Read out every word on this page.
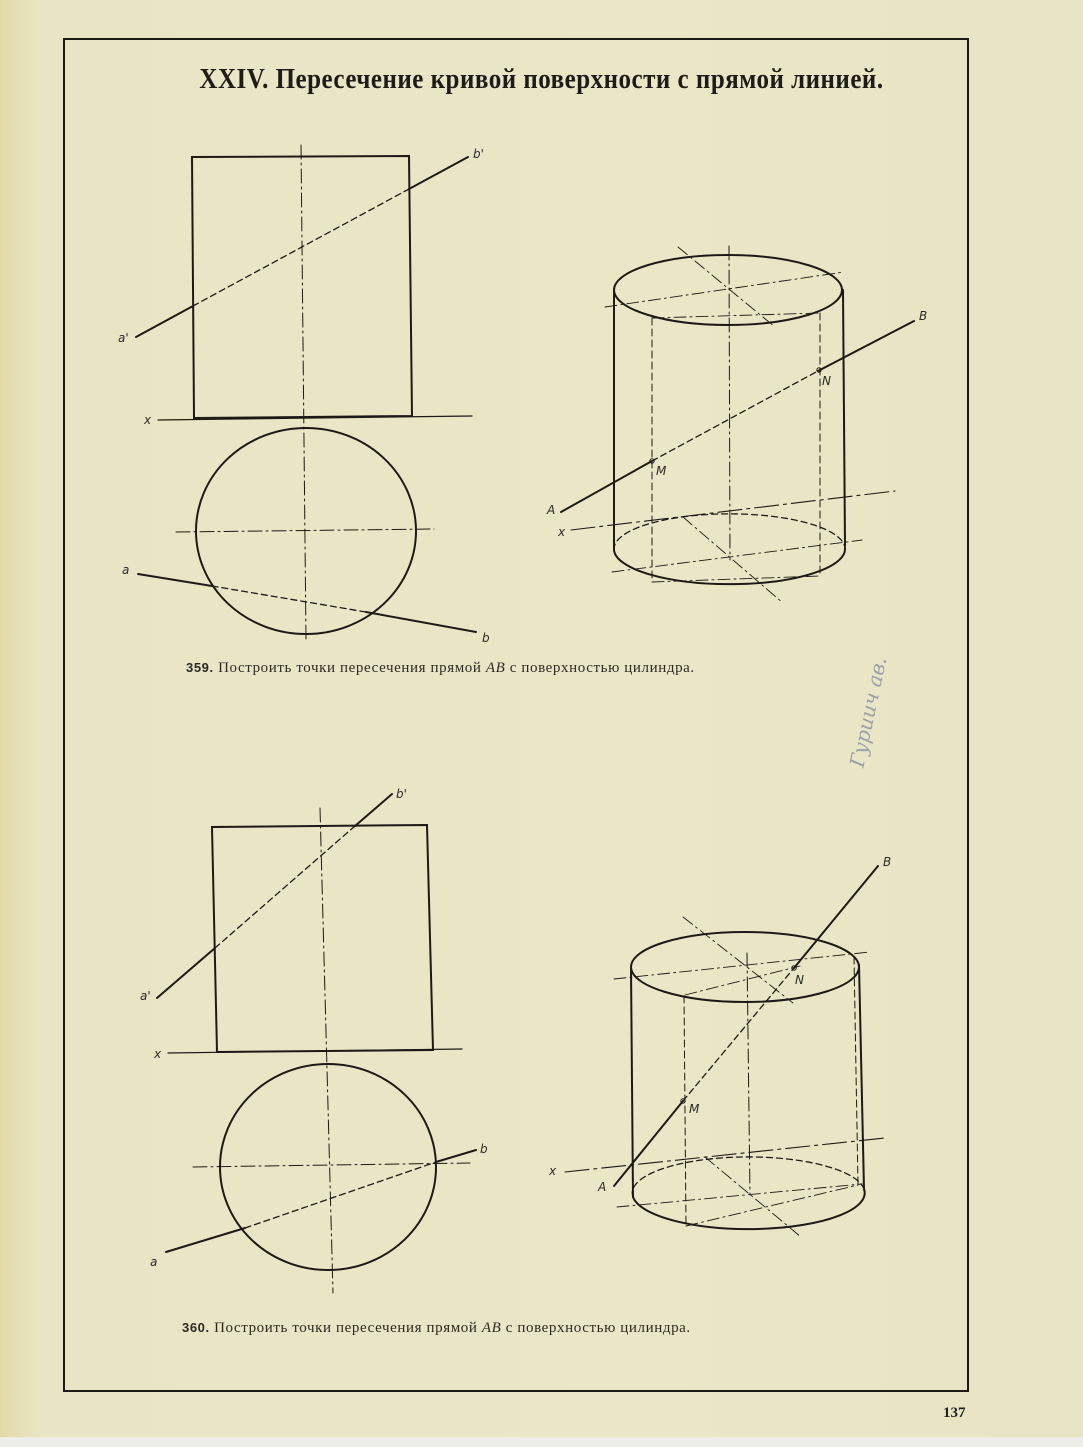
XXIV. Пересечение кривой поверхности с прямой линией.
a'
b'
x
a
b
B
N
M
A
x
a'
b'
x
a
b
B
N
M
A
x
359. Построить точки пересечения прямой AB с поверхностью цилиндра.
360. Построить точки пересечения прямой AB с поверхностью цилиндра.
Гуриич ав.
137
